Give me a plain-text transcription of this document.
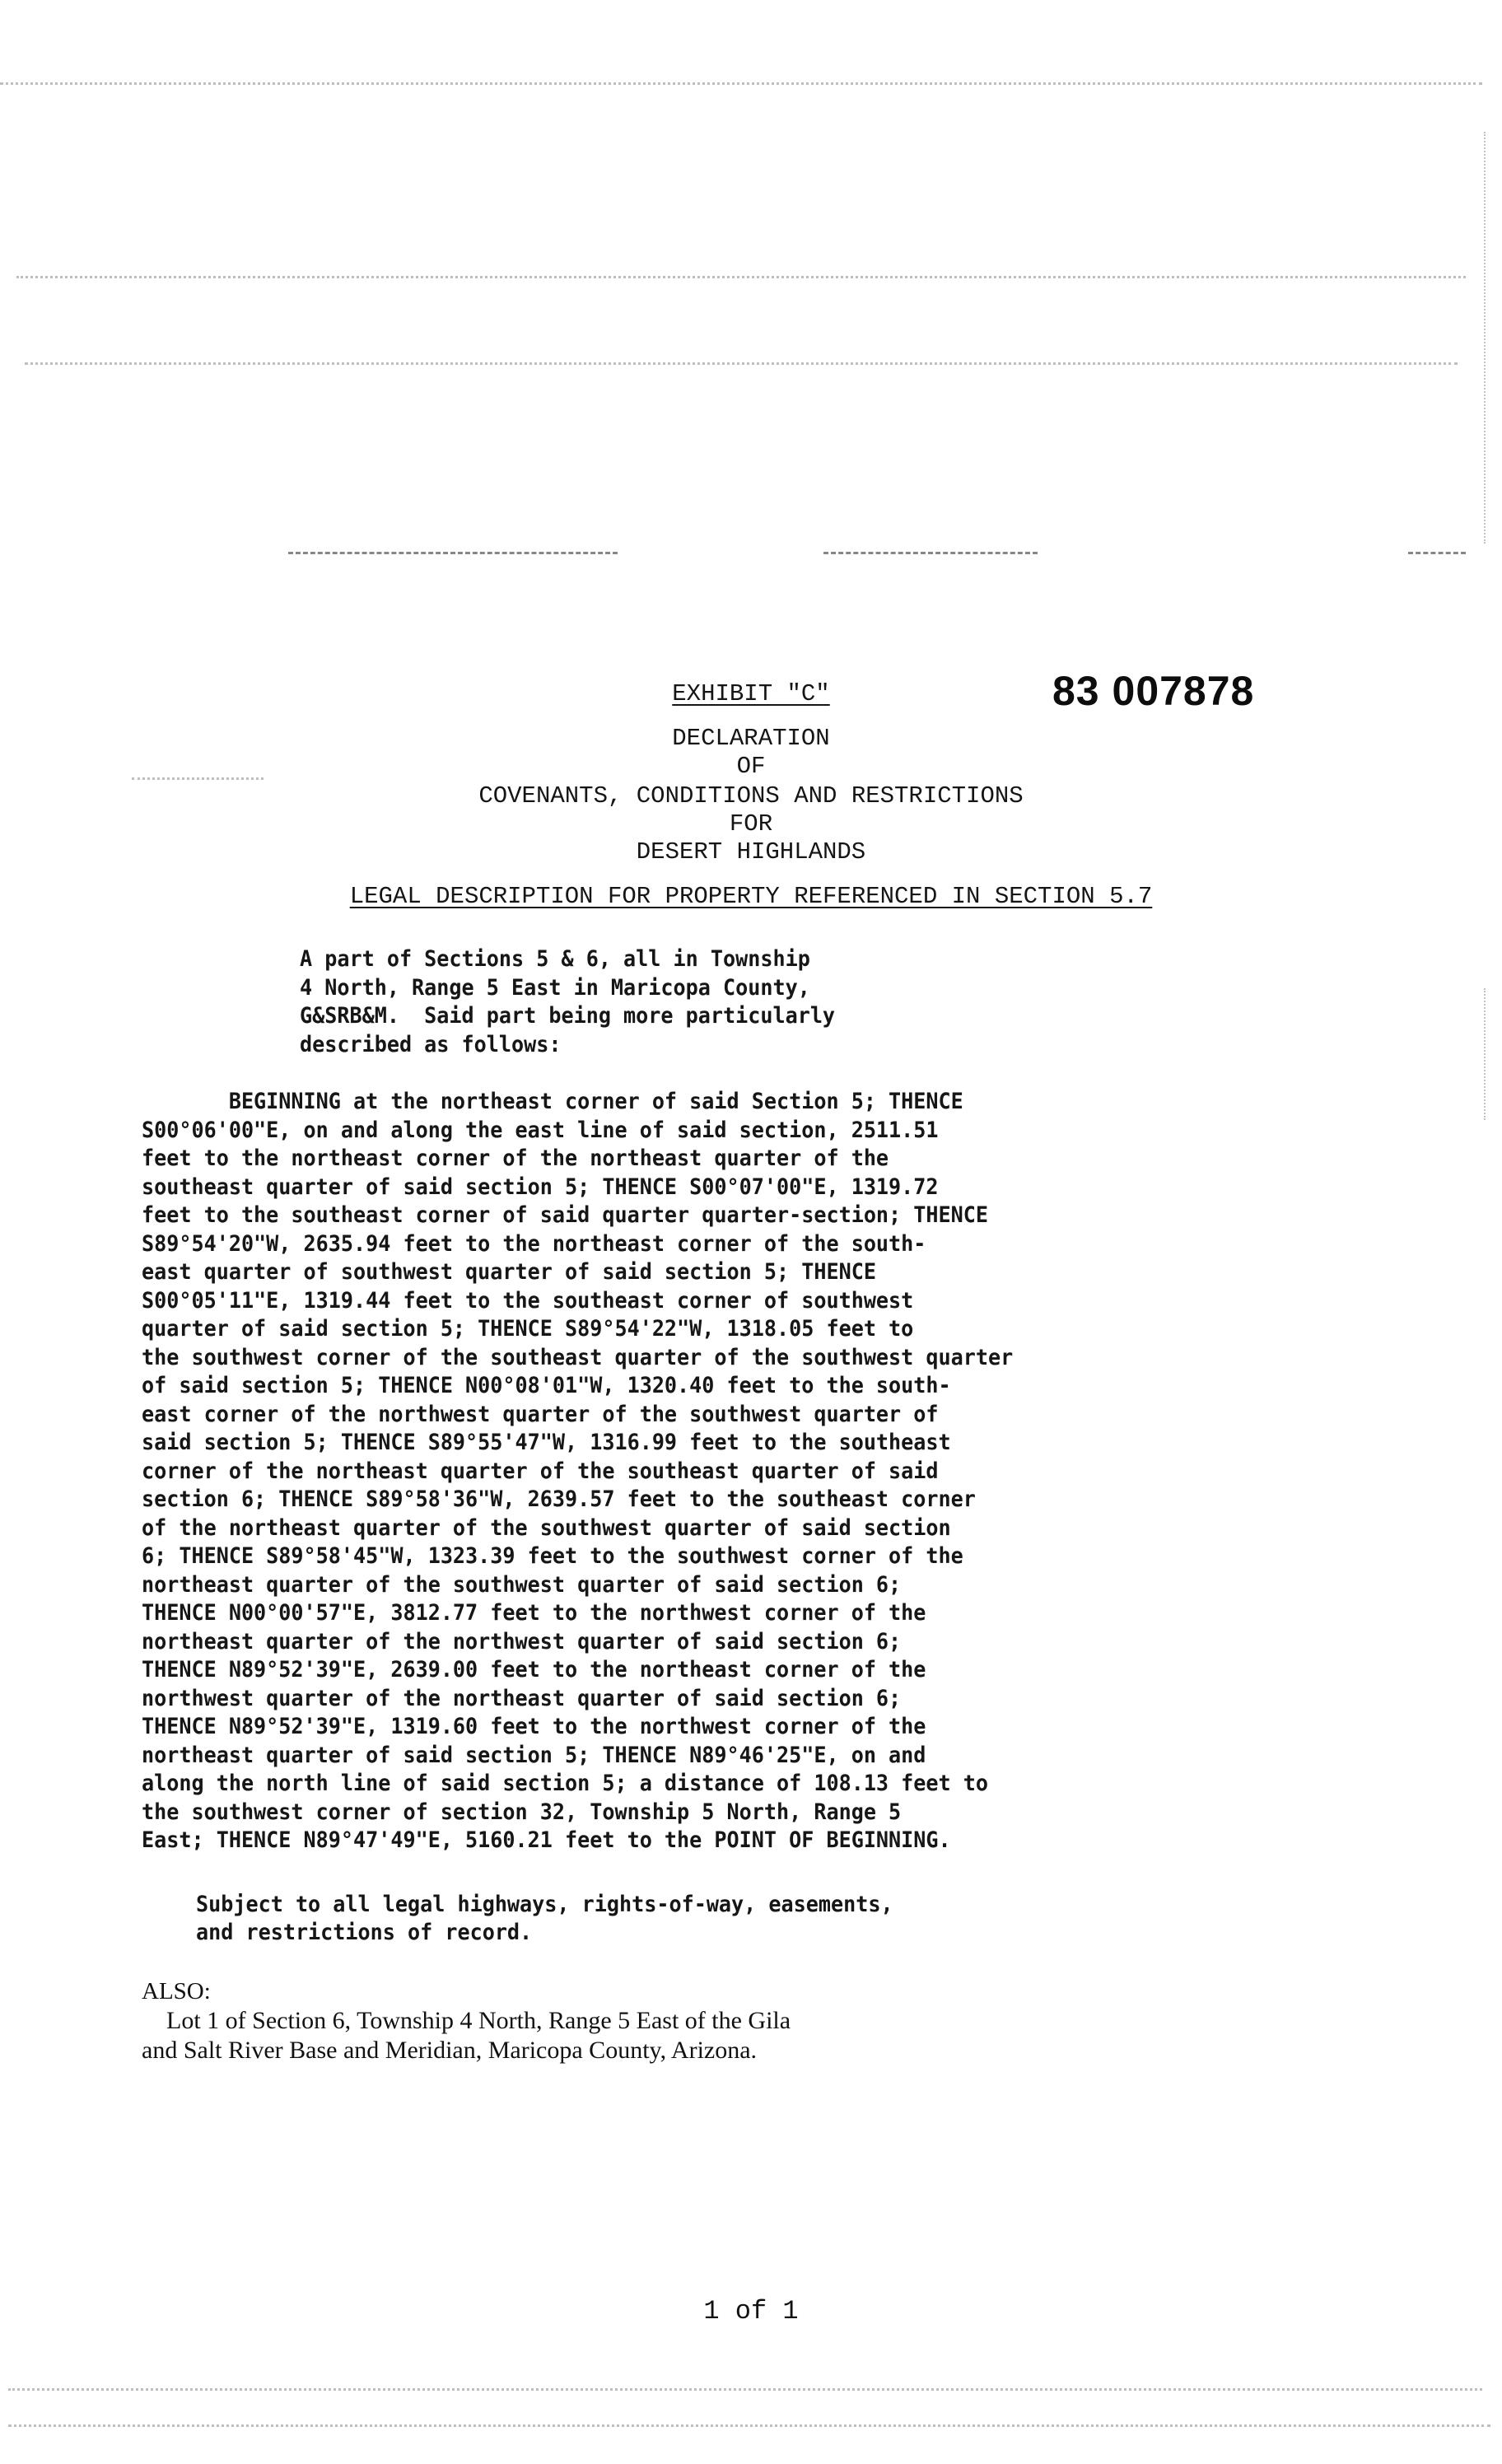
EXHIBIT "C"	83 007878
DECLARATION
OF
COVENANTS, CONDITIONS AND RESTRICTIONS
FOR
DESERT HIGHLANDS
LEGAL DESCRIPTION FOR PROPERTY REFERENCED IN SECTION 5.7
A part of Sections 5 & 6, all in Township
4 North, Range 5 East in Maricopa County,
G&SRB&M.  Said part being more particularly
described as follows:
BEGINNING at the northeast corner of said Section 5; THENCE
S00°06'00"E, on and along the east line of said section, 2511.51
feet to the northeast corner of the northeast quarter of the
southeast quarter of said section 5; THENCE S00°07'00"E, 1319.72
feet to the southeast corner of said quarter quarter-section; THENCE
S89°54'20"W, 2635.94 feet to the northeast corner of the south-
east quarter of southwest quarter of said section 5; THENCE
S00°05'11"E, 1319.44 feet to the southeast corner of southwest
quarter of said section 5; THENCE S89°54'22"W, 1318.05 feet to
the southwest corner of the southeast quarter of the southwest quarter
of said section 5; THENCE N00°08'01"W, 1320.40 feet to the south-
east corner of the northwest quarter of the southwest quarter of
said section 5; THENCE S89°55'47"W, 1316.99 feet to the southeast
corner of the northeast quarter of the southeast quarter of said
section 6; THENCE S89°58'36"W, 2639.57 feet to the southeast corner
of the northeast quarter of the southwest quarter of said section
6; THENCE S89°58'45"W, 1323.39 feet to the southwest corner of the
northeast quarter of the southwest quarter of said section 6;
THENCE N00°00'57"E, 3812.77 feet to the northwest corner of the
northeast quarter of the northwest quarter of said section 6;
THENCE N89°52'39"E, 2639.00 feet to the northeast corner of the
northwest quarter of the northeast quarter of said section 6;
THENCE N89°52'39"E, 1319.60 feet to the northwest corner of the
northeast quarter of said section 5; THENCE N89°46'25"E, on and
along the north line of said section 5; a distance of 108.13 feet to
the southwest corner of section 32, Township 5 North, Range 5
East; THENCE N89°47'49"E, 5160.21 feet to the POINT OF BEGINNING.
Subject to all legal highways, rights-of-way, easements,
and restrictions of record.
ALSO:
Lot 1 of Section 6, Township 4 North, Range 5 East of the Gila
and Salt River Base and Meridian, Maricopa County, Arizona.
1 of 1
